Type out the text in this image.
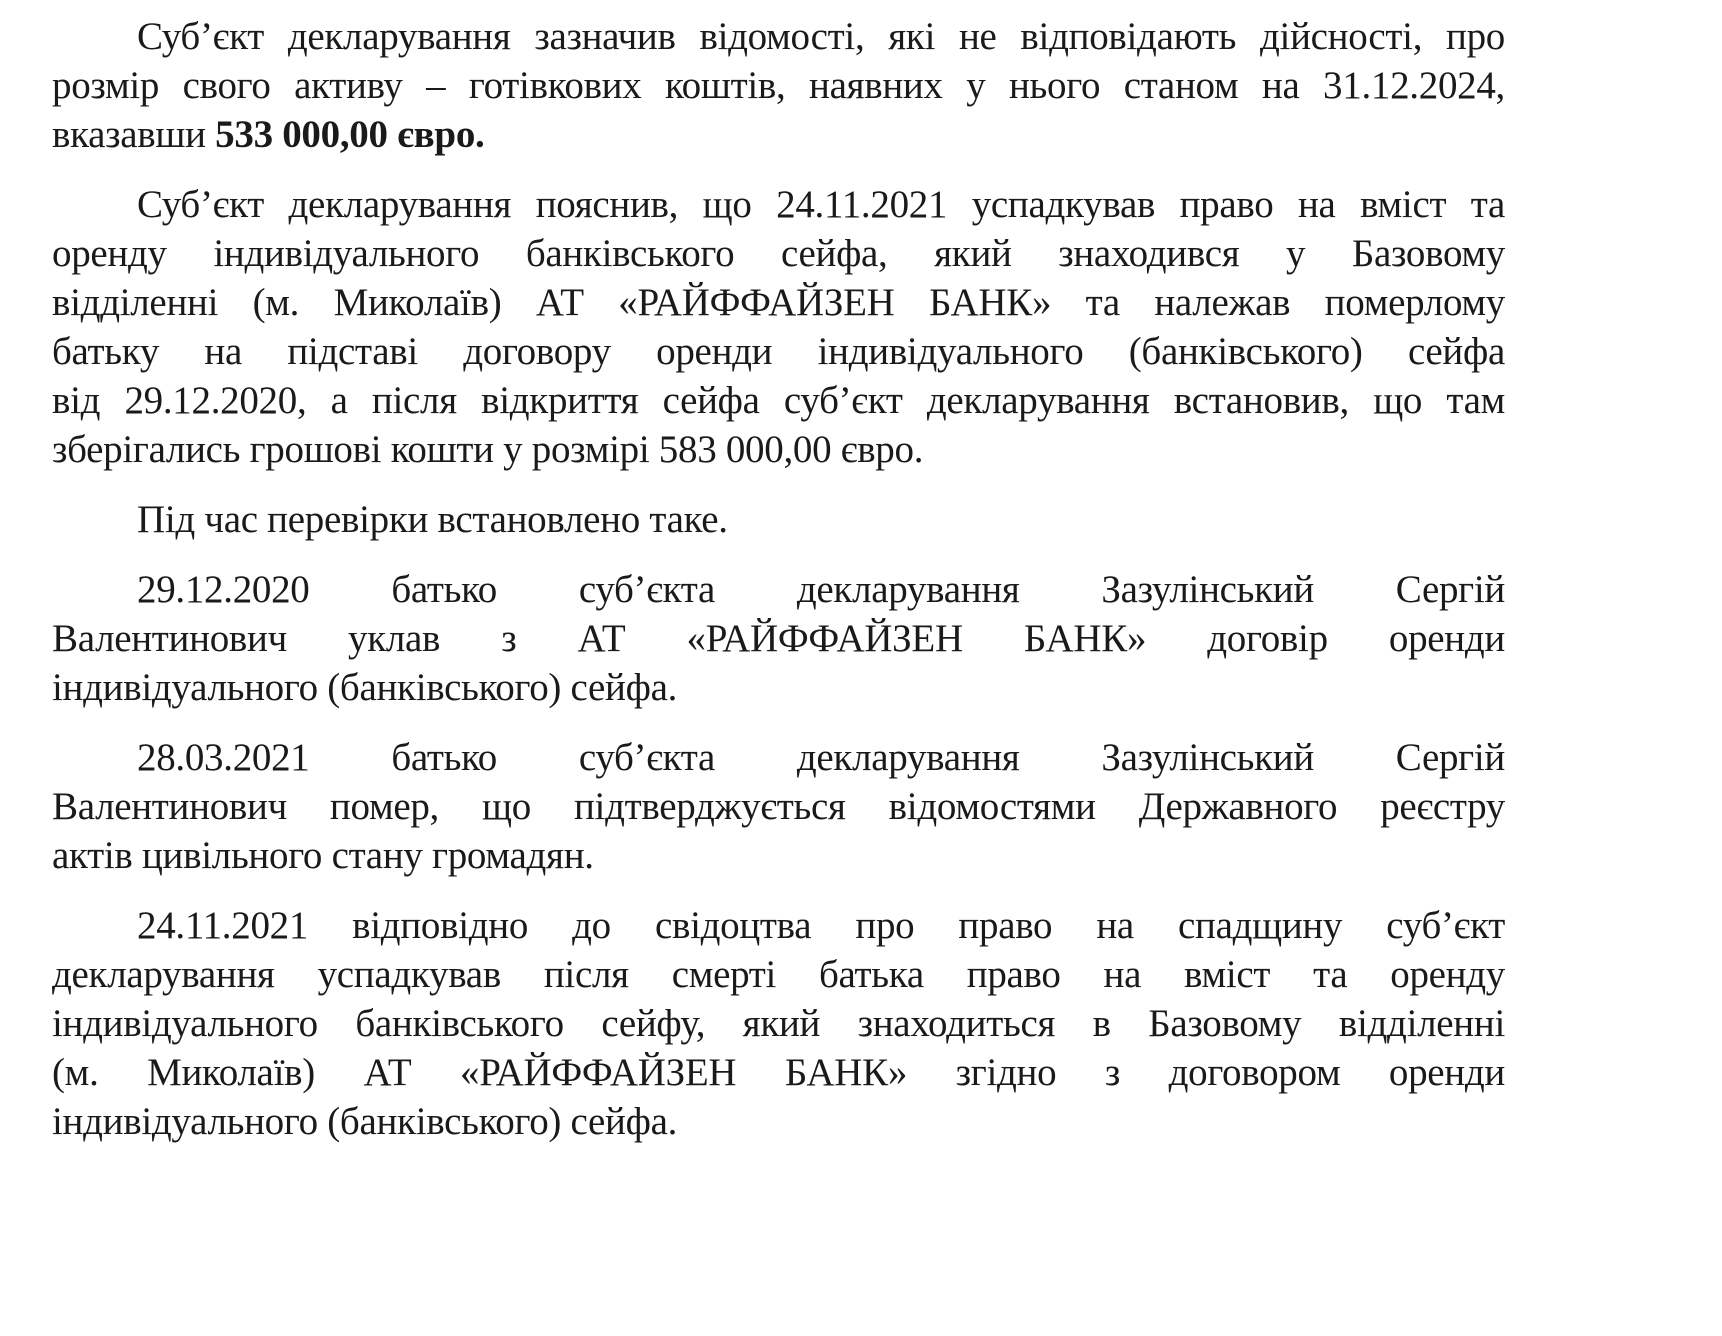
Суб’єкт декларування зазначив відомості, які не відповідають дійсності, про
розмір свого активу – готівкових коштів, наявних у нього станом на 31.12.2024,
вказавши 533 000,00 євро.
Суб’єкт декларування пояснив, що 24.11.2021 успадкував право на вміст та
оренду індивідуального банківського сейфа, який знаходився у Базовому
відділенні (м. Миколаїв) АТ «РАЙФФАЙЗЕН БАНК» та належав померлому
батьку на підставі договору оренди індивідуального (банківського) сейфа
від 29.12.2020, а після відкриття сейфа суб’єкт декларування встановив, що там
зберігались грошові кошти у розмірі 583 000,00 євро.
Під час перевірки встановлено таке.
29.12.2020 батько суб’єкта декларування Зазулінський Сергій
Валентинович уклав з АТ «РАЙФФАЙЗЕН БАНК» договір оренди
індивідуального (банківського) сейфа.
28.03.2021 батько суб’єкта декларування Зазулінський Сергій
Валентинович помер, що підтверджується відомостями Державного реєстру
актів цивільного стану громадян.
24.11.2021 відповідно до свідоцтва про право на спадщину суб’єкт
декларування успадкував після смерті батька право на вміст та оренду
індивідуального банківського сейфу, який знаходиться в Базовому відділенні
(м. Миколаїв) АТ «РАЙФФАЙЗЕН БАНК» згідно з договором оренди
індивідуального (банківського) сейфа.
